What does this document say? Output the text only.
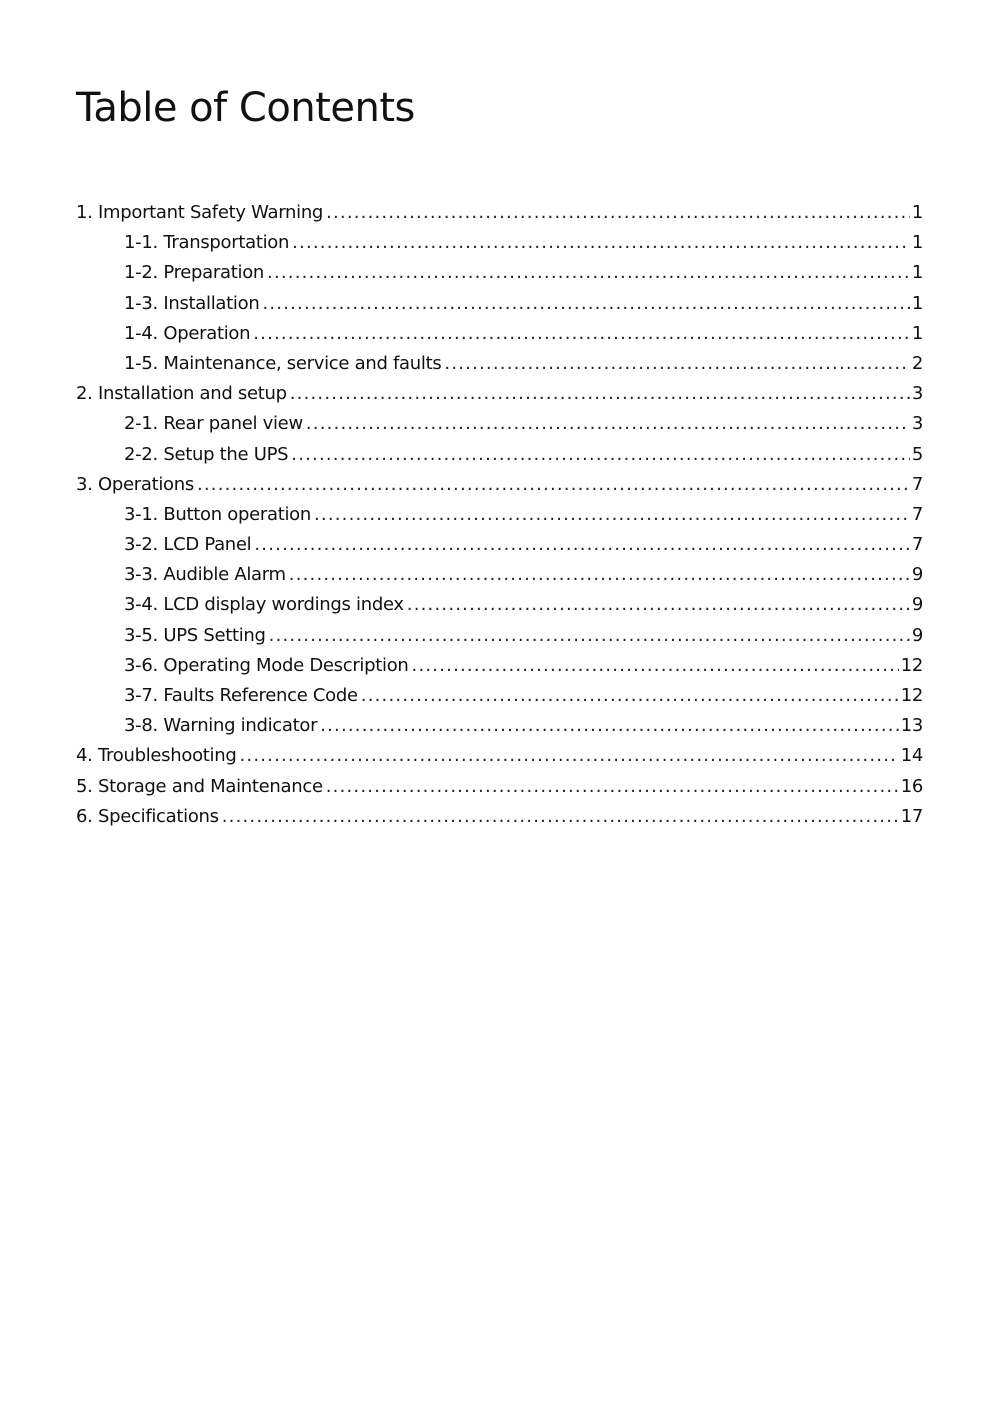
Table of Contents
1. Important Safety Warning .....	1
1-1. Transportation .....	1
1-2. Preparation .....	1
1-3. Installation .....	1
1-4. Operation .....	1
1-5. Maintenance, service and faults .....	2
2. Installation and setup .....	3
2-1. Rear panel view .....	3
2-2. Setup the UPS .....	5
3. Operations .....	7
3-1. Button operation .....	7
3-2. LCD Panel .....	7
3-3. Audible Alarm .....	9
3-4. LCD display wordings index .....	9
3-5. UPS Setting .....	9
3-6. Operating Mode Description .....	12
3-7. Faults Reference Code .....	12
3-8. Warning indicator .....	13
4. Troubleshooting .....	14
5. Storage and Maintenance .....	16
6. Specifications .....	17
